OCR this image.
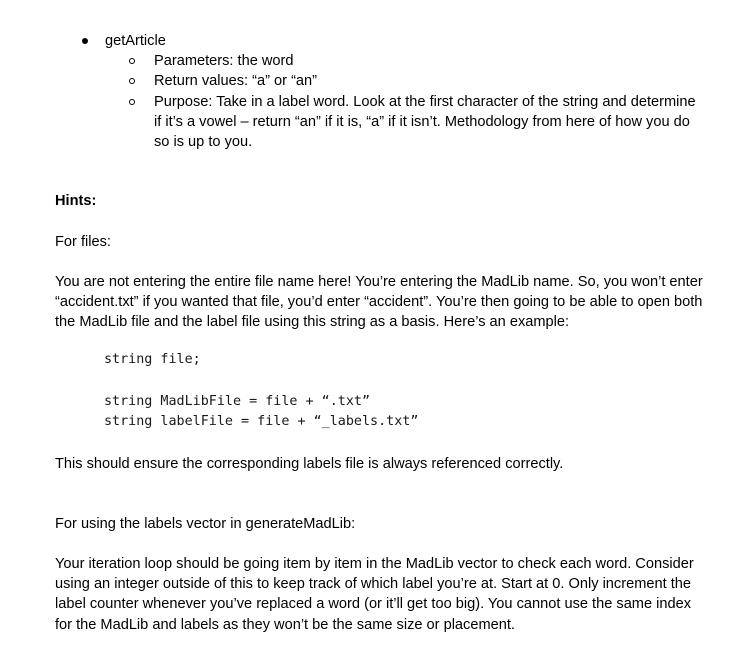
getArticle
Parameters: the word
Return values: “a” or “an”
Purpose: Take in a label word. Look at the first character of the string and determine if it’s a vowel – return “an” if it is, “a” if it isn’t. Methodology from here of how you do so is up to you.

Hints:

For files:

You are not entering the entire file name here! You’re entering the MadLib name. So, you won’t enter “accident.txt” if you wanted that file, you’d enter “accident”. You’re then going to be able to open both the MadLib file and the label file using this string as a basis. Here’s an example:

string file;
string MadLibFile = file + “.txt”
string labelFile = file + “_labels.txt”

This should ensure the corresponding labels file is always referenced correctly.

For using the labels vector in generateMadLib:

Your iteration loop should be going item by item in the MadLib vector to check each word. Consider using an integer outside of this to keep track of which label you’re at. Start at 0. Only increment the label counter whenever you’ve replaced a word (or it’ll get too big). You cannot use the same index for the MadLib and labels as they won’t be the same size or placement.
